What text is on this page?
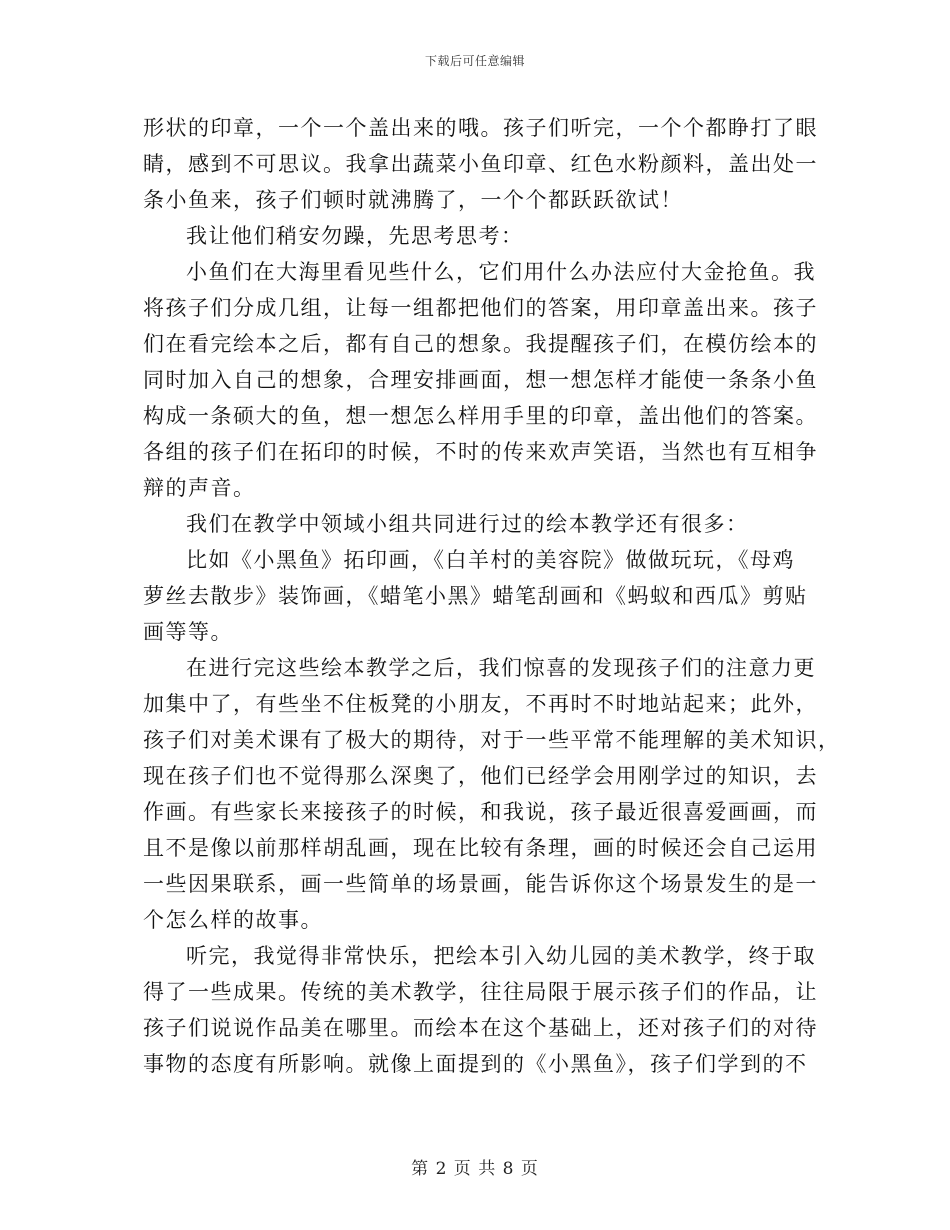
下载后可任意编辑
形状的印章，一个一个盖出来的哦。孩子们听完，一个个都睁打了眼
睛，感到不可思议。我拿出蔬菜小鱼印章、红色水粉颜料，盖出处一
条小鱼来，孩子们顿时就沸腾了，一个个都跃跃欲试！
我让他们稍安勿躁，先思考思考：
小鱼们在大海里看见些什么，它们用什么办法应付大金抢鱼。我
将孩子们分成几组，让每一组都把他们的答案，用印章盖出来。孩子
们在看完绘本之后，都有自己的想象。我提醒孩子们，在模仿绘本的
同时加入自己的想象，合理安排画面，想一想怎样才能使一条条小鱼
构成一条硕大的鱼，想一想怎么样用手里的印章，盖出他们的答案。
各组的孩子们在拓印的时候，不时的传来欢声笑语，当然也有互相争
辩的声音。
我们在教学中领域小组共同进行过的绘本教学还有很多：
比如《小黑鱼》拓印画，《白羊村的美容院》做做玩玩，《母鸡
萝丝去散步》装饰画，《蜡笔小黑》蜡笔刮画和《蚂蚁和西瓜》剪贴
画等等。
在进行完这些绘本教学之后，我们惊喜的发现孩子们的注意力更
加集中了，有些坐不住板凳的小朋友，不再时不时地站起来；此外，
孩子们对美术课有了极大的期待，对于一些平常不能理解的美术知识，
现在孩子们也不觉得那么深奥了，他们已经学会用刚学过的知识，去
作画。有些家长来接孩子的时候，和我说，孩子最近很喜爱画画，而
且不是像以前那样胡乱画，现在比较有条理，画的时候还会自己运用
一些因果联系，画一些简单的场景画，能告诉你这个场景发生的是一
个怎么样的故事。
听完，我觉得非常快乐，把绘本引入幼儿园的美术教学，终于取
得了一些成果。传统的美术教学，往往局限于展示孩子们的作品，让
孩子们说说作品美在哪里。而绘本在这个基础上，还对孩子们的对待
事物的态度有所影响。就像上面提到的《小黑鱼》，孩子们学到的不
第 2 页 共 8 页
